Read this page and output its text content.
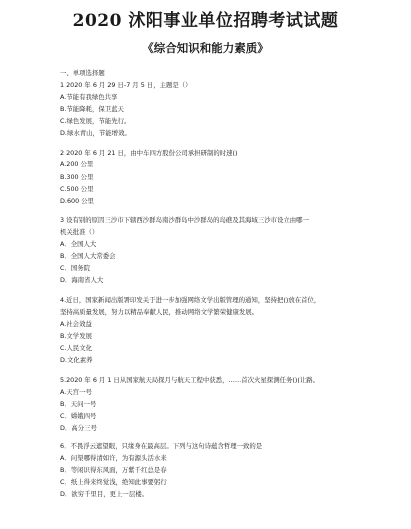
2020 沭阳事业单位招聘考试试题
《综合知识和能力素质》
一、单项选择题
1 2020 年 6 月 29 日-7 月 5 日，主题是（）
A.节能有我绿色共享
B.节能降耗，保卫蓝天
C.绿色发展，节能先行。
D.绿水青山，节能增效。
2 2020 年 6 月 21 日，由中车四方股份公司承担研制的时速()
A.200 公里
B.300 公里
C.500 公里
D.600 公里
3 设有别的原因三沙市下辖西沙群岛南沙群岛中沙群岛的岛礁及其海域三沙市设立由哪一
机关批准（）
A．全国人大
B．全国人大常委会
C．国务院
D．海南省人大
4.近日，国家新闻出版署印发关于进一步加强网络文学出版管理的通知，坚持把()放在首位，
坚持高质量发展，努力以精品奉献人民，推动网络文学繁荣健康发展。
A.社会效益
B.文学发展
C.人民文化
D.文化素养
5.2020 年 6 月 1 日从国家航天局探月与航天工程中获悉，……首次火星探测任务()(让路。
A.天宫一号
B．天问一号
C．嫦娥四号
D．高分三号
6．不畏浮云遮望眼，只缘身在最高层。下列与这句诗蕴含哲理一致的是
A．问渠哪得清如许，为有源头活水来
B．等闲识得东风面，万紫千红总是春
C．纸上得来终觉浅，绝知此事要躬行
D．欲穷千里目，更上一层楼。
